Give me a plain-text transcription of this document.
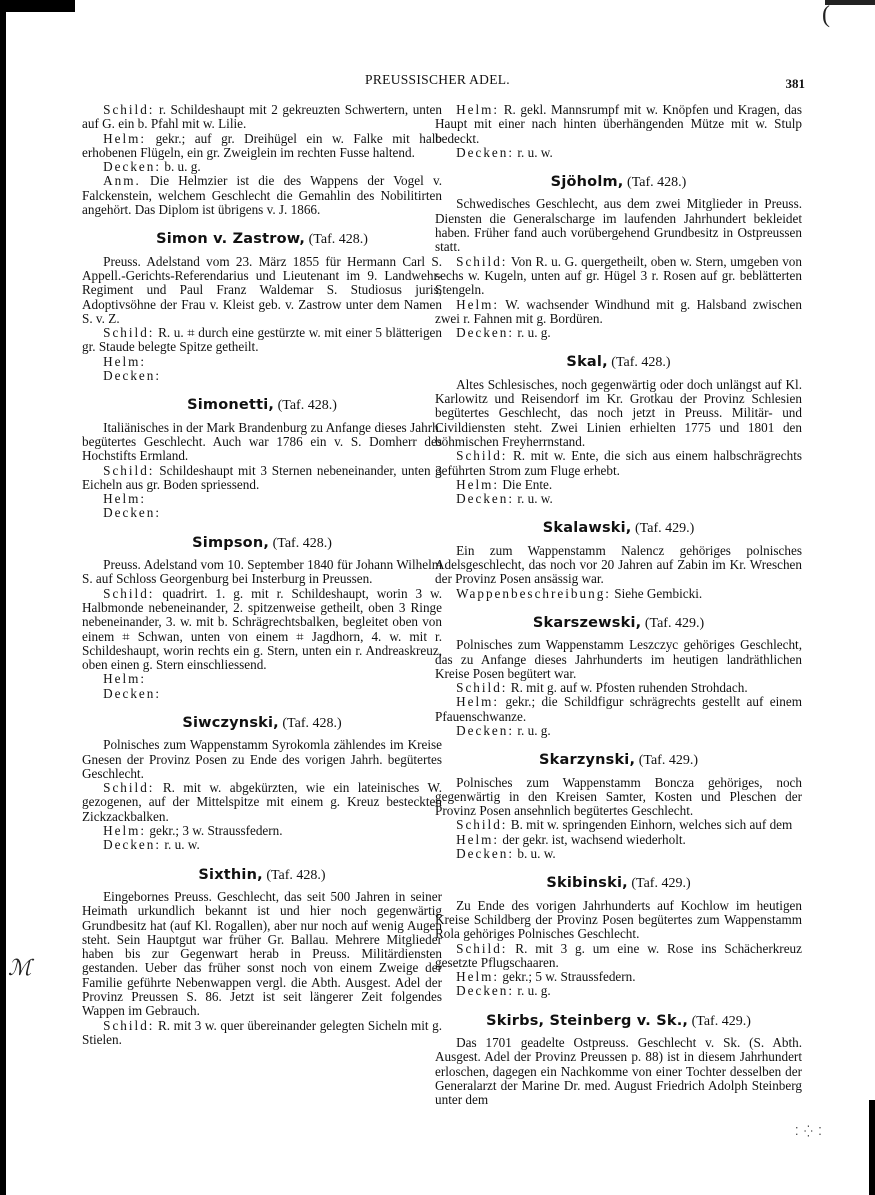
(
ℳ
⁚ ⁛ ⁚
PREUSSISCHER ADEL.	381

Schild: r. Schildeshaupt mit 2 gekreuzten Schwertern, unten auf G. ein b. Pfahl mit w. Lilie.

Helm: gekr.; auf gr. Dreihügel ein w. Falke mit halb erhobenen Flügeln, ein gr. Zweiglein im rechten Fusse haltend.

Decken: b. u. g.

Anm. Die Helmzier ist die des Wappens der Vogel v. Falckenstein, welchem Geschlecht die Gemahlin des Nobilitirten angehört. Das Diplom ist übrigens v. J. 1866.

Simon v. Zastrow, (Taf. 428.)

Preuss. Adelstand vom 23. März 1855 für Hermann Carl S. Appell.-Gerichts-Referendarius und Lieutenant im 9. Landwehr-Regiment und Paul Franz Waldemar S. Studiosus juris, Adoptivsöhne der Frau v. Kleist geb. v. Zastrow unter dem Namen S. v. Z.

Schild: R. u. ⌗ durch eine gestürzte w. mit einer 5 blätterigen gr. Staude belegte Spitze getheilt.

Helm:

Decken:

Simonetti, (Taf. 428.)

Italiänisches in der Mark Brandenburg zu Anfange dieses Jahrh. begütertes Geschlecht. Auch war 1786 ein v. S. Domherr des Hochstifts Ermland.

Schild: Schildeshaupt mit 3 Sternen nebeneinander, unten 3 Eicheln aus gr. Boden spriessend.

Helm:

Decken:

Simpson, (Taf. 428.)

Preuss. Adelstand vom 10. September 1840 für Johann Wilhelm S. auf Schloss Georgenburg bei Insterburg in Preussen.

Schild: quadrirt. 1. g. mit r. Schildeshaupt, worin 3 w. Halbmonde nebeneinander, 2. spitzenweise getheilt, oben 3 Ringe nebeneinander, 3. w. mit b. Schrägrechtsbalken, begleitet oben von einem ⌗ Schwan, unten von einem ⌗ Jagdhorn, 4. w. mit r. Schildeshaupt, worin rechts ein g. Stern, unten ein r. Andreaskreuz, oben einen g. Stern einschliessend.

Helm:

Decken:

Siwczynski, (Taf. 428.)

Polnisches zum Wappenstamm Syrokomla zählendes im Kreise Gnesen der Provinz Posen zu Ende des vorigen Jahrh. begütertes Geschlecht.

Schild: R. mit w. abgekürzten, wie ein lateinisches W. gezogenen, auf der Mittelspitze mit einem g. Kreuz besteckten Zickzackbalken.

Helm: gekr.; 3 w. Straussfedern.

Decken: r. u. w.

Sixthin, (Taf. 428.)

Eingebornes Preuss. Geschlecht, das seit 500 Jahren in seiner Heimath urkundlich bekannt ist und hier noch gegenwärtig Grundbesitz hat (auf Kl. Rogallen), aber nur noch auf wenig Augen steht. Sein Hauptgut war früher Gr. Ballau. Mehrere Mitglieder haben bis zur Gegenwart herab in Preuss. Militärdiensten gestanden. Ueber das früher sonst noch von einem Zweige der Familie geführte Nebenwappen vergl. die Abth. Ausgest. Adel der Provinz Preussen S. 86. Jetzt ist seit längerer Zeit folgendes Wappen im Gebrauch.

Schild: R. mit 3 w. quer übereinander gelegten Sicheln mit g. Stielen.

Helm: R. gekl. Mannsrumpf mit w. Knöpfen und Kragen, das Haupt mit einer nach hinten überhängenden Mütze mit w. Stulp bedeckt.

Decken: r. u. w.

Sjöholm, (Taf. 428.)

Schwedisches Geschlecht, aus dem zwei Mitglieder in Preuss. Diensten die Generalscharge im laufenden Jahrhundert bekleidet haben. Früher fand auch vorübergehend Grundbesitz in Ostpreussen statt.

Schild: Von R. u. G. quergetheilt, oben w. Stern, umgeben von sechs w. Kugeln, unten auf gr. Hügel 3 r. Rosen auf gr. beblätterten Stengeln.

Helm: W. wachsender Windhund mit g. Halsband zwischen zwei r. Fahnen mit g. Bordüren.

Decken: r. u. g.

Skal, (Taf. 428.)

Altes Schlesisches, noch gegenwärtig oder doch unlängst auf Kl. Karlowitz und Reisendorf im Kr. Grotkau der Provinz Schlesien begütertes Geschlecht, das noch jetzt in Preuss. Militär- und Civildiensten steht. Zwei Linien erhielten 1775 und 1801 den böhmischen Freyherrnstand.

Schild: R. mit w. Ente, die sich aus einem halbschrägrechts geführten Strom zum Fluge erhebt.

Helm: Die Ente.

Decken: r. u. w.

Skalawski, (Taf. 429.)

Ein zum Wappenstamm Nalencz gehöriges polnisches Adelsgeschlecht, das noch vor 20 Jahren auf Zabin im Kr. Wreschen der Provinz Posen ansässig war.

Wappenbeschreibung: Siehe Gembicki.

Skarszewski, (Taf. 429.)

Polnisches zum Wappenstamm Leszczyc gehöriges Geschlecht, das zu Anfange dieses Jahrhunderts im heutigen landräthlichen Kreise Posen begütert war.

Schild: R. mit g. auf w. Pfosten ruhenden Strohdach.

Helm: gekr.; die Schildfigur schrägrechts gestellt auf einem Pfauenschwanze.

Decken: r. u. g.

Skarzynski, (Taf. 429.)

Polnisches zum Wappenstamm Boncza gehöriges, noch gegenwärtig in den Kreisen Samter, Kosten und Pleschen der Provinz Posen ansehnlich begütertes Geschlecht.

Schild: B. mit w. springenden Einhorn, welches sich auf dem

Helm: der gekr. ist, wachsend wiederholt.

Decken: b. u. w.

Skibinski, (Taf. 429.)

Zu Ende des vorigen Jahrhunderts auf Kochlow im heutigen Kreise Schildberg der Provinz Posen begütertes zum Wappenstamm Rola gehöriges Polnisches Geschlecht.

Schild: R. mit 3 g. um eine w. Rose ins Schächerkreuz gesetzte Pflugschaaren.

Helm: gekr.; 5 w. Straussfedern.

Decken: r. u. g.

Skirbs, Steinberg v. Sk., (Taf. 429.)

Das 1701 geadelte Ostpreuss. Geschlecht v. Sk. (S. Abth. Ausgest. Adel der Provinz Preussen p. 88) ist in diesem Jahrhundert erloschen, dagegen ein Nachkomme von einer Tochter desselben der Generalarzt der Marine Dr. med. August Friedrich Adolph Steinberg unter dem
